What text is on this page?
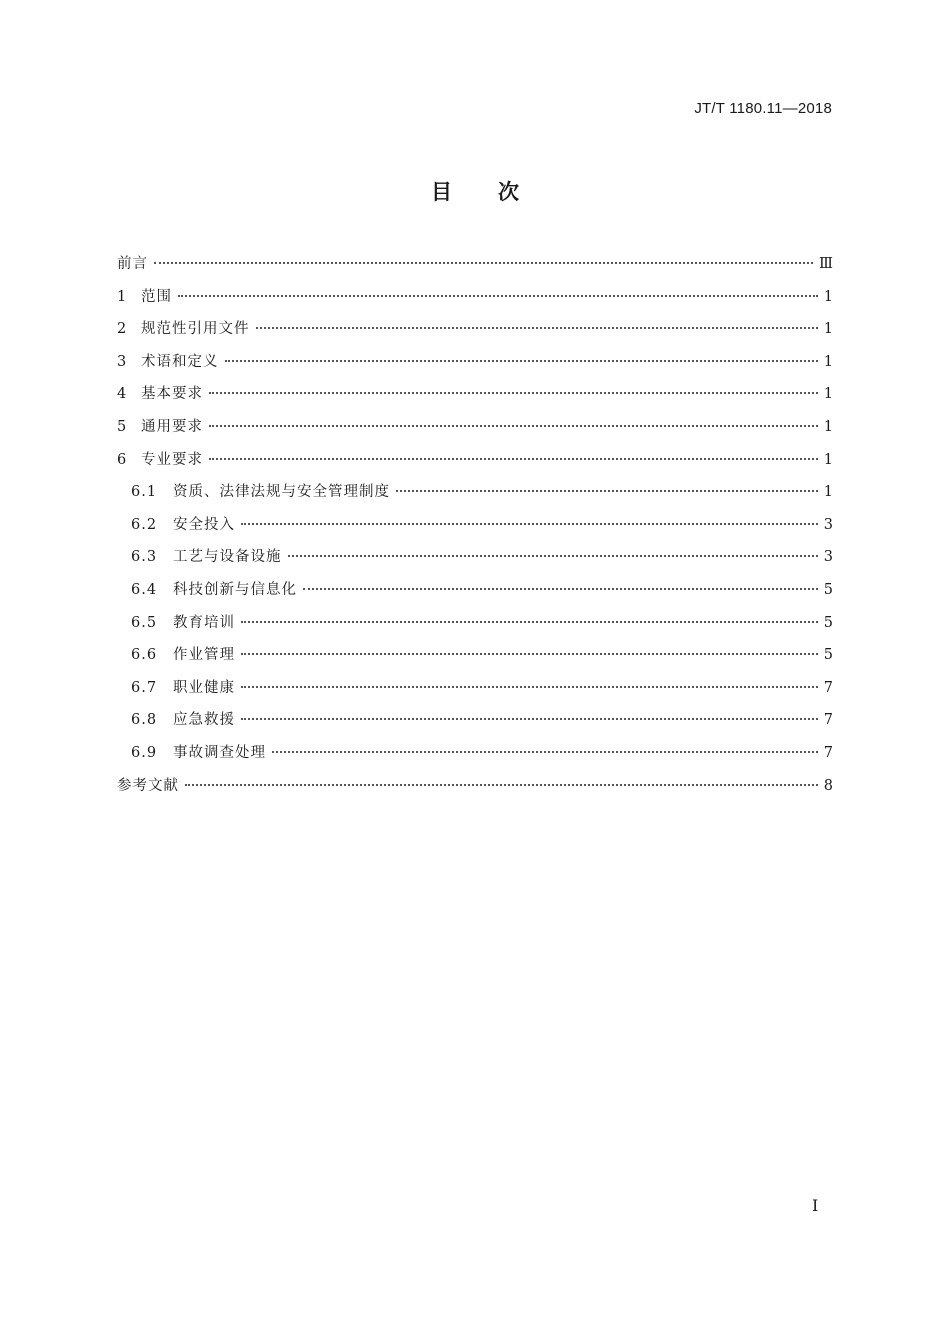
JT/T 1180.11—2018
目 次
前言	Ⅲ
1	范围	1
2	规范性引用文件	1
3	术语和定义	1
4	基本要求	1
5	通用要求	1
6	专业要求	1
6.1	资质、法律法规与安全管理制度	1
6.2	安全投入	3
6.3	工艺与设备设施	3
6.4	科技创新与信息化	5
6.5	教育培训	5
6.6	作业管理	5
6.7	职业健康	7
6.8	应急救援	7
6.9	事故调查处理	7
参考文献	8
I
